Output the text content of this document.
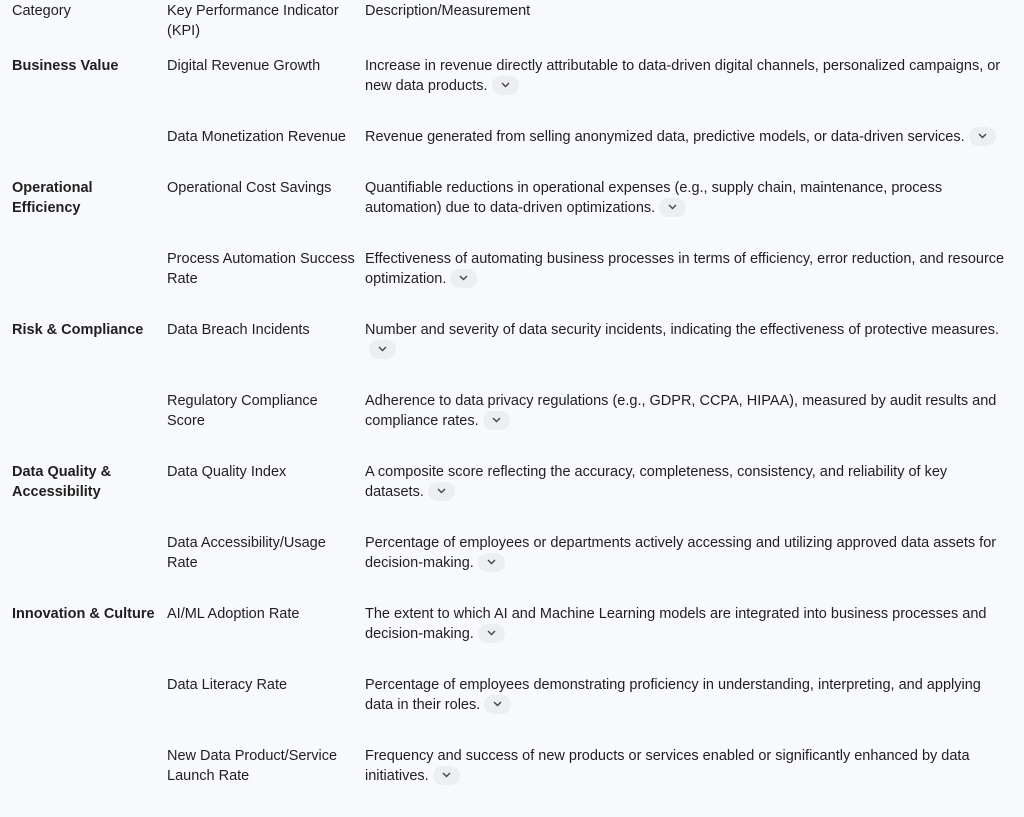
Category	Key Performance Indicator (KPI)	Description/Measurement
Business Value	Digital Revenue Growth	Increase in revenue directly attributable to data-driven digital channels, personalized campaigns, or new data products.

	Data Monetization Revenue	Revenue generated from selling anonymized data, predictive models, or data-driven services.

Operational Efficiency	Operational Cost Savings	Quantifiable reductions in operational expenses (e.g., supply chain, maintenance, process automation) due to data-driven optimizations.

	Process Automation Success Rate	Effectiveness of automating business processes in terms of efficiency, error reduction, and resource optimization.

Risk & Compliance	Data Breach Incidents	Number and severity of data security incidents, indicating the effectiveness of protective measures.

	Regulatory Compliance Score	Adherence to data privacy regulations (e.g., GDPR, CCPA, HIPAA), measured by audit results and compliance rates.

Data Quality & Accessibility	Data Quality Index	A composite score reflecting the accuracy, completeness, consistency, and reliability of key datasets.

	Data Accessibility/Usage Rate	Percentage of employees or departments actively accessing and utilizing approved data assets for decision-making.

Innovation & Culture	AI/ML Adoption Rate	The extent to which AI and Machine Learning models are integrated into business processes and decision-making.

	Data Literacy Rate	Percentage of employees demonstrating proficiency in understanding, interpreting, and applying data in their roles.

	New Data Product/Service Launch Rate	Frequency and success of new products or services enabled or significantly enhanced by data initiatives.
